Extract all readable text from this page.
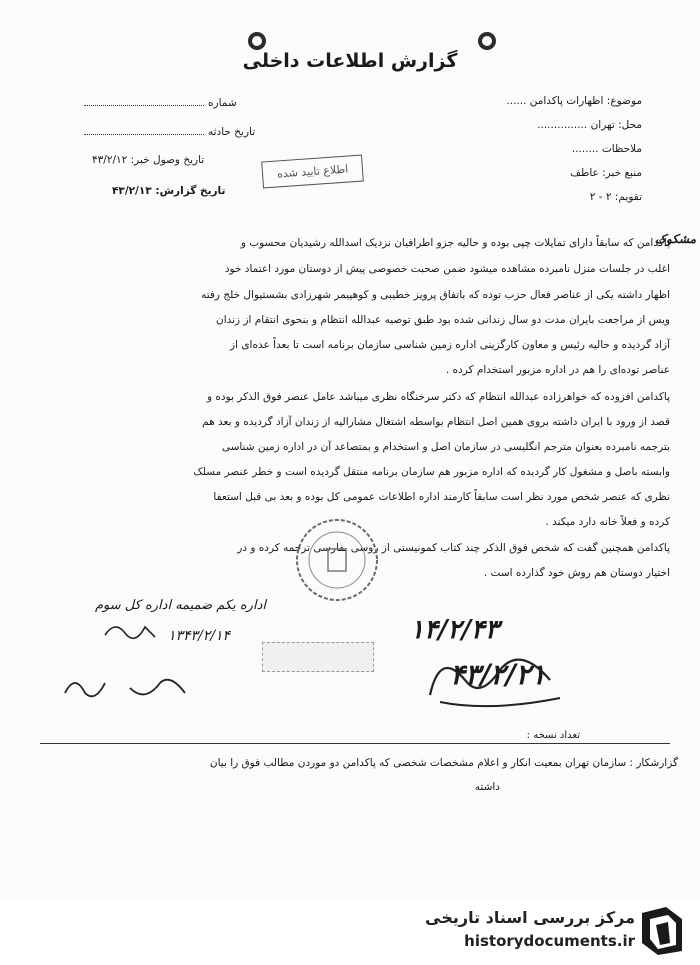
گزارش اطلاعات داخلی
موضوع: اظهارات پاکدامن ......
محل: تهران ...............
ملاحظات ........
منبع خبر: عاطف
تقویم: ۲ - ۲
شماره
تاریخ حادثه
تاریخ وصول خبر: ۴۳/۲/۱۲
تاریخ گزارش: ۴۳/۲/۱۳
اطلاع تایید شده
مشکوک
پاکدامن که سابقاً دارای تمایلات چپی بوده و حالیه جزو اطرافیان نزدیک اسدالله رشیدیان محسوب و
اغلب در جلسات منزل نامبرده مشاهده میشود ضمن صحبت خصوصی پیش از دوستان مورد اعتماد خود
اظهار داشته یکی از عناصر فعال حزب توده که باتفاق پرویز خطیبی و کوهپیمر شهرزادی بشستیوال خلج رفته
ویس از مراجعت بایران مدت دو سال زندانی شده بود طبق توصیه عبدالله انتظام و بنحوی انتقام از زندان
آزاد گردیده و حالیه رئیس و معاون کارگزینی اداره زمین شناسی سازمان برنامه است تا بعداً عده‌ای از
عناصر توده‌ای را هم در اداره مزبور استخدام کرده .
پاکدامن افزوده که خواهرزاده عبدالله انتظام که دکتر سرخنگاه نظری میباشد عامل عنصر فوق الذکر بوده و
قصد از ورود با ایران داشته بروی همین اصل انتظام بواسطه اشتغال مشارالیه از زندان آزاد گردیده و بعد هم
بترجمه نامبرده بعنوان مترجم انگلیسی در سازمان اصل و استخدام و بمتصاعد آن در اداره زمین شناسی
وابسته باصل و مشغول کار گردیده که اداره مزبور هم سازمان برنامه منتقل گردیده است و خطر عنصر مسلک
نظری که عنصر شخص مورد نظر است سابقاً کارمند اداره اطلاعات عمومی کل بوده و بعد بی قبل استعفا
کرده و فعلاً خانه دارد میکند .
پاکدامن همچنین گفت که شخص فوق الذکر چند کتاب کمونیستی از روسی بفارسی ترجمه کرده و در
اختیار دوستان هم روش خود گذارده است .
اداره یکم ضمیمه اداره کل سوم
۱۳۴۳/۲/۱۴	۱۴/۲/۴۳
۴۳/۲/۲۱
تعداد نسخه :
گزارشکار : سازمان تهران بمعیت انکار و اعلام مشخصات شخصی که پاکدامن دو موردن مطالب فوق را بیان
داشته
مرکز بررسی اسناد تاریخی
historydocuments.ir
